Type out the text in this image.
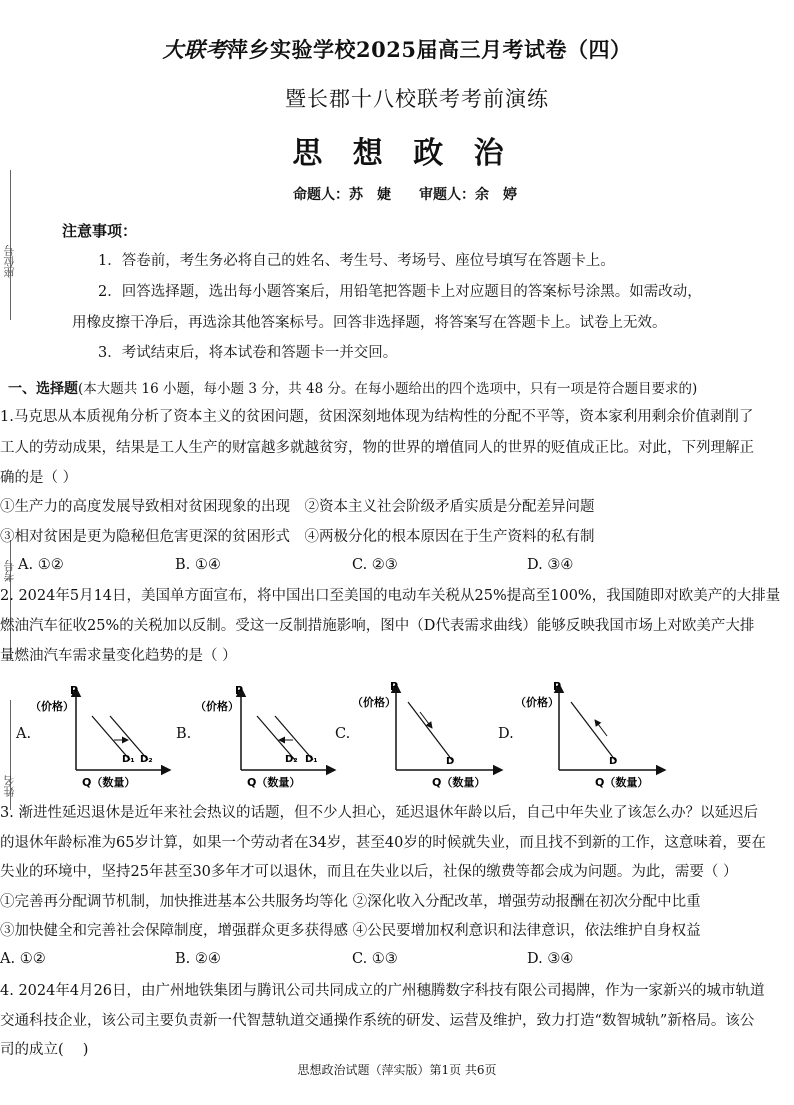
大联考萍乡实验学校2025届高三月考试卷（四）
暨长郡十八校联考考前演练
思 想 政 治
命题人：苏　婕　　审题人：余　婷
座位号
考号
姓名
注意事项：
1．答卷前，考生务必将自己的姓名、考生号、考场号、座位号填写在答题卡上。
2．回答选择题，选出每小题答案后，用铅笔把答题卡上对应题目的答案标号涂黑。如需改动，
用橡皮擦干净后，再选涂其他答案标号。回答非选择题，将答案写在答题卡上。试卷上无效。
3．考试结束后，将本试卷和答题卡一并交回。
一、选择题(本大题共 16 小题，每小题 3 分，共 48 分。在每小题给出的四个选项中，只有一项是符合题目要求的)
1.马克思从本质视角分析了资本主义的贫困问题，贫困深刻地体现为结构性的分配不平等，资本家利用剩余价值剥削了
工人的劳动成果，结果是工人生产的财富越多就越贫穷，物的世界的增值同人的世界的贬值成正比。对此，下列理解正
确的是（ ）
①生产力的高度发展导致相对贫困现象的出现　②资本主义社会阶级矛盾实质是分配差异问题
③相对贫困是更为隐秘但危害更深的贫困形式　④两极分化的根本原因在于生产资料的私有制
A. ①②	B. ①④	C. ②③	D. ③④
2. 2024年5月14日，美国单方面宣布，将中国出口至美国的电动车关税从25%提高至100%，我国随即对欧美产的大排量
燃油汽车征收25%的关税加以反制。受这一反制措施影响，图中（D代表需求曲线）能够反映我国市场上对欧美产大排
量燃油汽车需求量变化趋势的是（ ）
A.	B.	C.	D.
P
（价格）
Q（数量）
D₁ D₂
P
（价格）
Q（数量）
D₂ D₁
P
（价格）
Q（数量）
D
P
（价格）
Q（数量）
D
3. 渐进性延迟退休是近年来社会热议的话题，但不少人担心，延迟退休年龄以后，自己中年失业了该怎么办？以延迟后
的退休年龄标准为65岁计算，如果一个劳动者在34岁，甚至40岁的时候就失业，而且找不到新的工作，这意味着，要在
失业的环境中，坚持25年甚至30多年才可以退休，而且在失业以后，社保的缴费等都会成为问题。为此，需要（ ）
①完善再分配调节机制，加快推进基本公共服务均等化 ②深化收入分配改革，增强劳动报酬在初次分配中比重
③加快健全和完善社会保障制度，增强群众更多获得感 ④公民要增加权利意识和法律意识，依法维护自身权益
A. ①②	B. ②④	C. ①③	D. ③④
4. 2024年4月26日，由广州地铁集团与腾讯公司共同成立的广州穗腾数字科技有限公司揭牌，作为一家新兴的城市轨道
交通科技企业，该公司主要负责新一代智慧轨道交通操作系统的研发、运营及维护，致力打造“数智城轨”新格局。该公
司的成立(　 )
思想政治试题（萍实版）第1页 共6页
